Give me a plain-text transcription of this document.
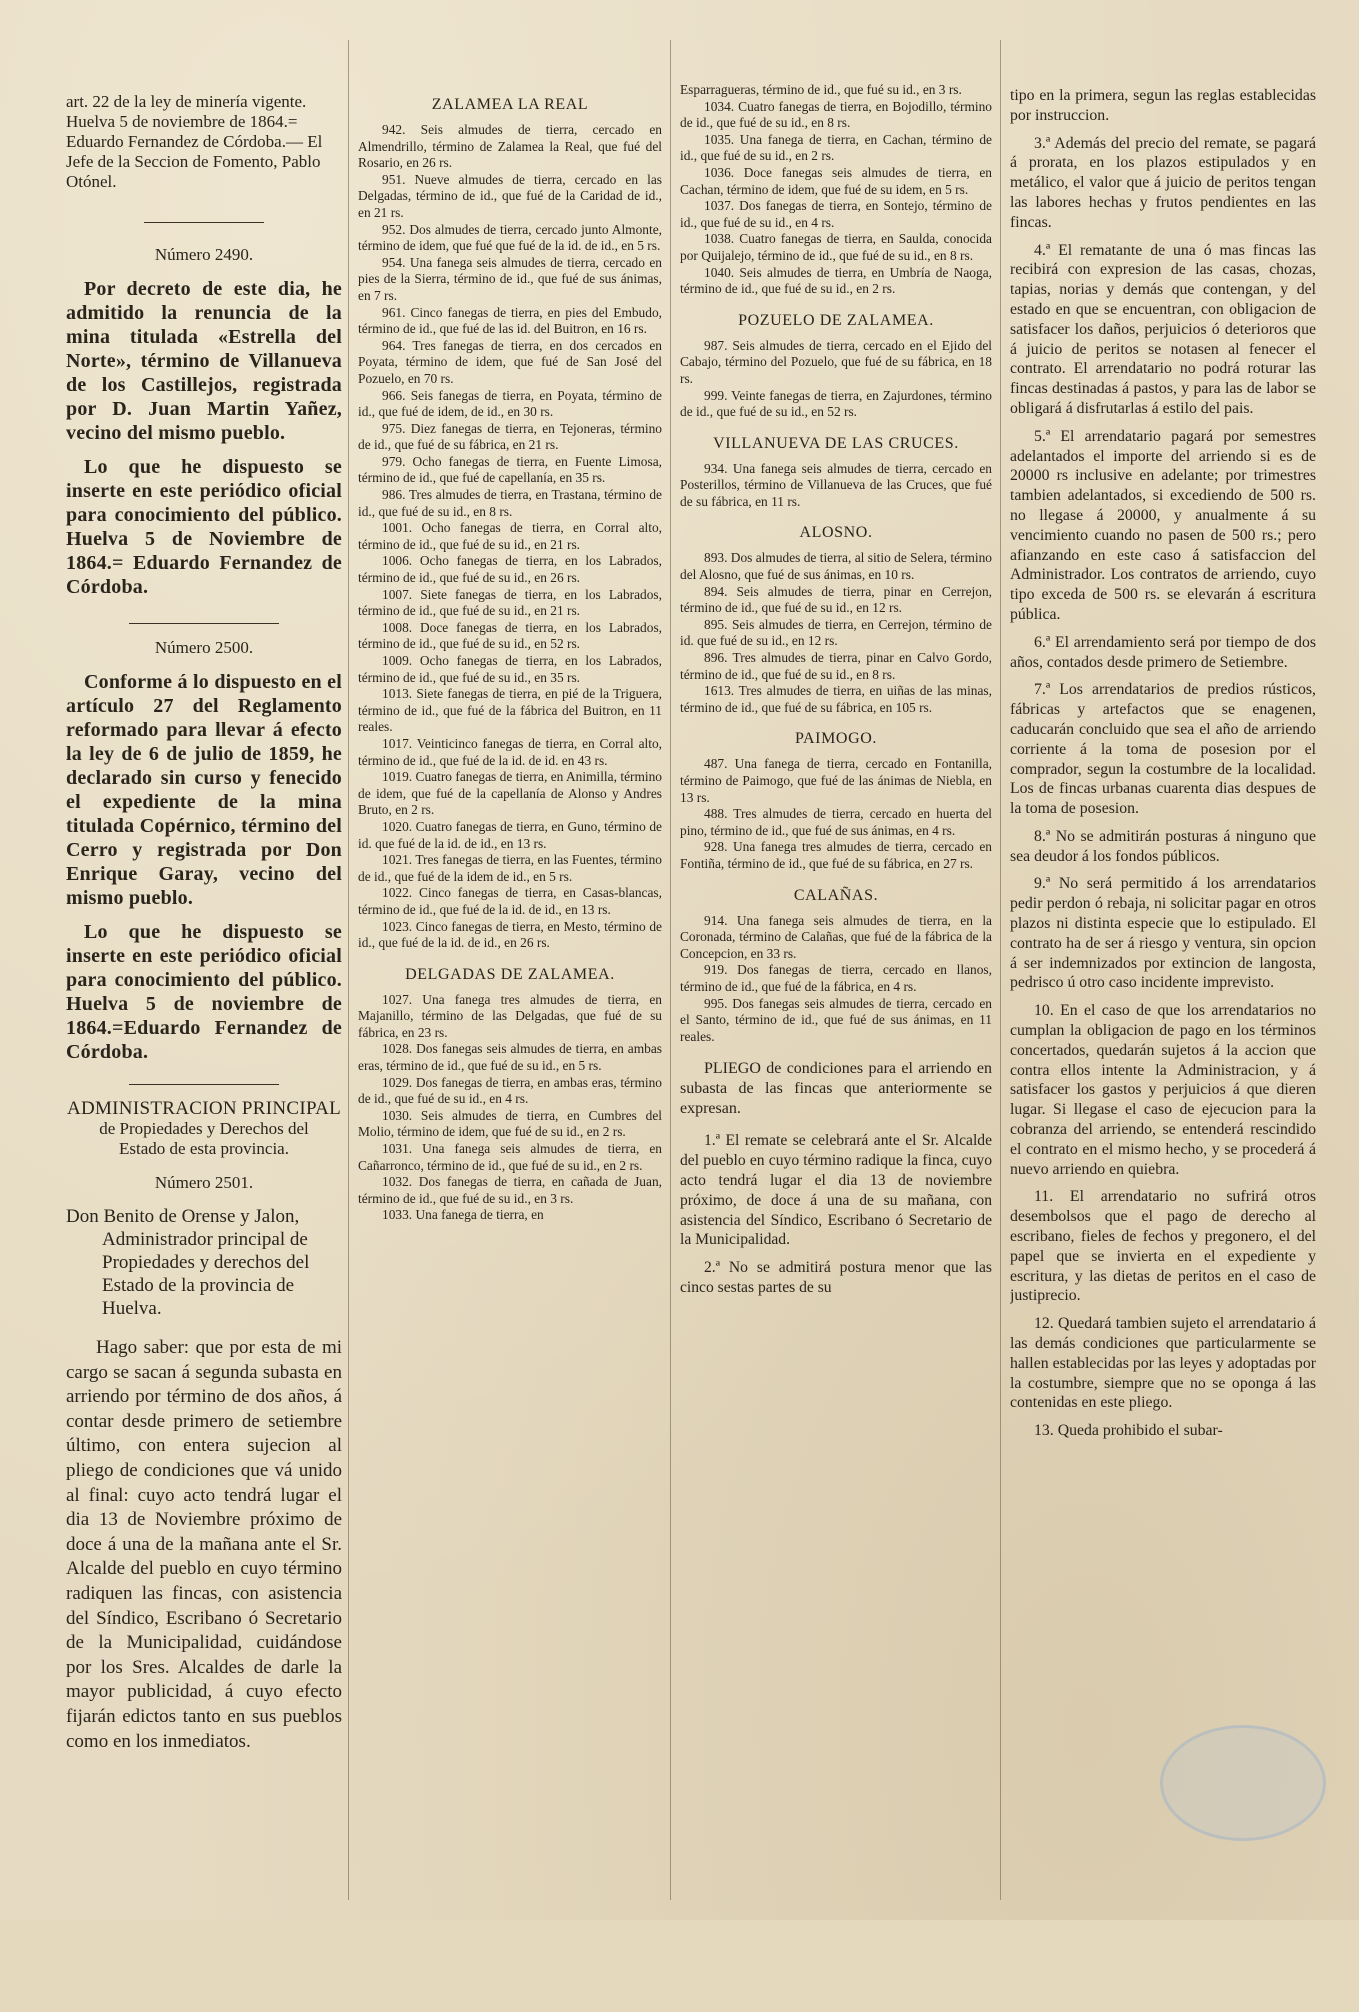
art. 22 de la ley de minería vigente. Huelva 5 de noviembre de 1864.= Eduardo Fernandez de Córdoba.— El Jefe de la Seccion de Fomento, Pablo Otónel.

Número 2490.

Por decreto de este dia, he admitido la renuncia de la mina titulada «Estrella del Norte», término de Villanueva de los Castillejos, registrada por D. Juan Martin Yañez, vecino del mismo pueblo.

Lo que he dispuesto se inserte en este periódico oficial para conocimiento del público. Huelva 5 de Noviembre de 1864.= Eduardo Fernandez de Córdoba.

Número 2500.

Conforme á lo dispuesto en el artículo 27 del Reglamento reformado para llevar á efecto la ley de 6 de julio de 1859, he declarado sin curso y fenecido el expediente de la mina titulada Copérnico, término del Cerro y registrada por Don Enrique Garay, vecino del mismo pueblo.

Lo que he dispuesto se inserte en este periódico oficial para conocimiento del público. Huelva 5 de noviembre de 1864.=Eduardo Fernandez de Córdoba.

ADMINISTRACION PRINCIPAL
de Propiedades y Derechos del
Estado de esta provincia.
Número 2501.

Don Benito de Orense y Jalon,
Administrador principal de Propiedades y derechos del Estado de la provincia de Huelva.

Hago saber: que por esta de mi cargo se sacan á segunda subasta en arriendo por término de dos años, á contar desde primero de setiembre último, con entera sujecion al pliego de condiciones que vá unido al final: cuyo acto tendrá lugar el dia 13 de Noviembre próximo de doce á una de la mañana ante el Sr. Alcalde del pueblo en cuyo término radiquen las fincas, con asistencia del Síndico, Escribano ó Secretario de la Municipalidad, cuidándose por los Sres. Alcaldes de darle la mayor publicidad, á cuyo efecto fijarán edictos tanto en sus pueblos como en los inmediatos.

ZALAMEA LA REAL

942. Seis almudes de tierra, cercado en Almendrillo, término de Zalamea la Real, que fué del Rosario, en 26 rs.

951. Nueve almudes de tierra, cercado en las Delgadas, término de id., que fué de la Caridad de id., en 21 rs.

952. Dos almudes de tierra, cercado junto Almonte, término de idem, que fué que fué de la id. de id., en 5 rs.

954. Una fanega seis almudes de tierra, cercado en pies de la Sierra, término de id., que fué de sus ánimas, en 7 rs.

961. Cinco fanegas de tierra, en pies del Embudo, término de id., que fué de las id. del Buitron, en 16 rs.

964. Tres fanegas de tierra, en dos cercados en Poyata, término de idem, que fué de San José del Pozuelo, en 70 rs.

966. Seis fanegas de tierra, en Poyata, término de id., que fué de idem, de id., en 30 rs.

975. Diez fanegas de tierra, en Tejoneras, término de id., que fué de su fábrica, en 21 rs.

979. Ocho fanegas de tierra, en Fuente Limosa, término de id., que fué de capellanía, en 35 rs.

986. Tres almudes de tierra, en Trastana, término de id., que fué de su id., en 8 rs.

1001. Ocho fanegas de tierra, en Corral alto, término de id., que fué de su id., en 21 rs.

1006. Ocho fanegas de tierra, en los Labrados, término de id., que fué de su id., en 26 rs.

1007. Siete fanegas de tierra, en los Labrados, término de id., que fué de su id., en 21 rs.

1008. Doce fanegas de tierra, en los Labrados, término de id., que fué de su id., en 52 rs.

1009. Ocho fanegas de tierra, en los Labrados, término de id., que fué de su id., en 35 rs.

1013. Siete fanegas de tierra, en pié de la Triguera, término de id., que fué de la fábrica del Buitron, en 11 reales.

1017. Veinticinco fanegas de tierra, en Corral alto, término de id., que fué de la id. de id. en 43 rs.

1019. Cuatro fanegas de tierra, en Animilla, término de idem, que fué de la capellanía de Alonso y Andres Bruto, en 2 rs.

1020. Cuatro fanegas de tierra, en Guno, término de id. que fué de la id. de id., en 13 rs.

1021. Tres fanegas de tierra, en las Fuentes, término de id., que fué de la idem de id., en 5 rs.

1022. Cinco fanegas de tierra, en Casas-blancas, término de id., que fué de la id. de id., en 13 rs.

1023. Cinco fanegas de tierra, en Mesto, término de id., que fué de la id. de id., en 26 rs.

DELGADAS DE ZALAMEA.

1027. Una fanega tres almudes de tierra, en Majanillo, término de las Delgadas, que fué de su fábrica, en 23 rs.

1028. Dos fanegas seis almudes de tierra, en ambas eras, término de id., que fué de su id., en 5 rs.

1029. Dos fanegas de tierra, en ambas eras, término de id., que fué de su id., en 4 rs.

1030. Seis almudes de tierra, en Cumbres del Molio, término de idem, que fué de su id., en 2 rs.

1031. Una fanega seis almudes de tierra, en Cañarronco, término de id., que fué de su id., en 2 rs.

1032. Dos fanegas de tierra, en cañada de Juan, término de id., que fué de su id., en 3 rs.

1033. Una fanega de tierra, en

Esparragueras, término de id., que fué su id., en 3 rs.

1034. Cuatro fanegas de tierra, en Bojodillo, término de id., que fué de su id., en 8 rs.

1035. Una fanega de tierra, en Cachan, término de id., que fué de su id., en 2 rs.

1036. Doce fanegas seis almudes de tierra, en Cachan, término de idem, que fué de su idem, en 5 rs.

1037. Dos fanegas de tierra, en Sontejo, término de id., que fué de su id., en 4 rs.

1038. Cuatro fanegas de tierra, en Saulda, conocida por Quijalejo, término de id., que fué de su id., en 8 rs.

1040. Seis almudes de tierra, en Umbría de Naoga, término de id., que fué de su id., en 2 rs.

POZUELO DE ZALAMEA.

987. Seis almudes de tierra, cercado en el Ejido del Cabajo, término del Pozuelo, que fué de su fábrica, en 18 rs.

999. Veinte fanegas de tierra, en Zajurdones, término de id., que fué de su id., en 52 rs.

VILLANUEVA DE LAS CRUCES.

934. Una fanega seis almudes de tierra, cercado en Posterillos, término de Villanueva de las Cruces, que fué de su fábrica, en 11 rs.

ALOSNO.

893. Dos almudes de tierra, al sitio de Selera, término del Alosno, que fué de sus ánimas, en 10 rs.

894. Seis almudes de tierra, pinar en Cerrejon, término de id., que fué de su id., en 12 rs.

895. Seis almudes de tierra, en Cerrejon, término de id. que fué de su id., en 12 rs.

896. Tres almudes de tierra, pinar en Calvo Gordo, término de id., que fué de su id., en 8 rs.

1613. Tres almudes de tierra, en uiñas de las minas, término de id., que fué de su fábrica, en 105 rs.

PAIMOGO.

487. Una fanega de tierra, cercado en Fontanilla, término de Paimogo, que fué de las ánimas de Niebla, en 13 rs.

488. Tres almudes de tierra, cercado en huerta del pino, término de id., que fué de sus ánimas, en 4 rs.

928. Una fanega tres almudes de tierra, cercado en Fontiña, término de id., que fué de su fábrica, en 27 rs.

CALAÑAS.

914. Una fanega seis almudes de tierra, en la Coronada, término de Calañas, que fué de la fábrica de la Concepcion, en 33 rs.

919. Dos fanegas de tierra, cercado en llanos, término de id., que fué de la fábrica, en 4 rs.

995. Dos fanegas seis almudes de tierra, cercado en el Santo, término de id., que fué de sus ánimas, en 11 reales.

PLIEGO de condiciones para el arriendo en subasta de las fincas que anteriormente se expresan.

1.ª El remate se celebrará ante el Sr. Alcalde del pueblo en cuyo término radique la finca, cuyo acto tendrá lugar el dia 13 de noviembre próximo, de doce á una de su mañana, con asistencia del Síndico, Escribano ó Secretario de la Municipalidad.

2.ª No se admitirá postura menor que las cinco sestas partes de su

tipo en la primera, segun las reglas establecidas por instruccion.

3.ª Además del precio del remate, se pagará á prorata, en los plazos estipulados y en metálico, el valor que á juicio de peritos tengan las labores hechas y frutos pendientes en las fincas.

4.ª El rematante de una ó mas fincas las recibirá con expresion de las casas, chozas, tapias, norias y demás que contengan, y del estado en que se encuentran, con obligacion de satisfacer los daños, perjuicios ó deterioros que á juicio de peritos se notasen al fenecer el contrato. El arrendatario no podrá roturar las fincas destinadas á pastos, y para las de labor se obligará á disfrutarlas á estilo del pais.

5.ª El arrendatario pagará por semestres adelantados el importe del arriendo si es de 20000 rs inclusive en adelante; por trimestres tambien adelantados, si excediendo de 500 rs. no llegase á 20000, y anualmente á su vencimiento cuando no pasen de 500 rs.; pero afianzando en este caso á satisfaccion del Administrador. Los contratos de arriendo, cuyo tipo exceda de 500 rs. se elevarán á escritura pública.

6.ª El arrendamiento será por tiempo de dos años, contados desde primero de Setiembre.

7.ª Los arrendatarios de predios rústicos, fábricas y artefactos que se enagenen, caducarán concluido que sea el año de arriendo corriente á la toma de posesion por el comprador, segun la costumbre de la localidad. Los de fincas urbanas cuarenta dias despues de la toma de posesion.

8.ª No se admitirán posturas á ninguno que sea deudor á los fondos públicos.

9.ª No será permitido á los arrendatarios pedir perdon ó rebaja, ni solicitar pagar en otros plazos ni distinta especie que lo estipulado. El contrato ha de ser á riesgo y ventura, sin opcion á ser indemnizados por extincion de langosta, pedrisco ú otro caso incidente imprevisto.

10. En el caso de que los arrendatarios no cumplan la obligacion de pago en los términos concertados, quedarán sujetos á la accion que contra ellos intente la Administracion, y á satisfacer los gastos y perjuicios á que dieren lugar. Si llegase el caso de ejecucion para la cobranza del arriendo, se entenderá rescindido el contrato en el mismo hecho, y se procederá á nuevo arriendo en quiebra.

11. El arrendatario no sufrirá otros desembolsos que el pago de derecho al escribano, fieles de fechos y pregonero, el del papel que se invierta en el expediente y escritura, y las dietas de peritos en el caso de justiprecio.

12. Quedará tambien sujeto el arrendatario á las demás condiciones que particularmente se hallen establecidas por las leyes y adoptadas por la costumbre, siempre que no se oponga á las contenidas en este pliego.

13. Queda prohibido el subar-
